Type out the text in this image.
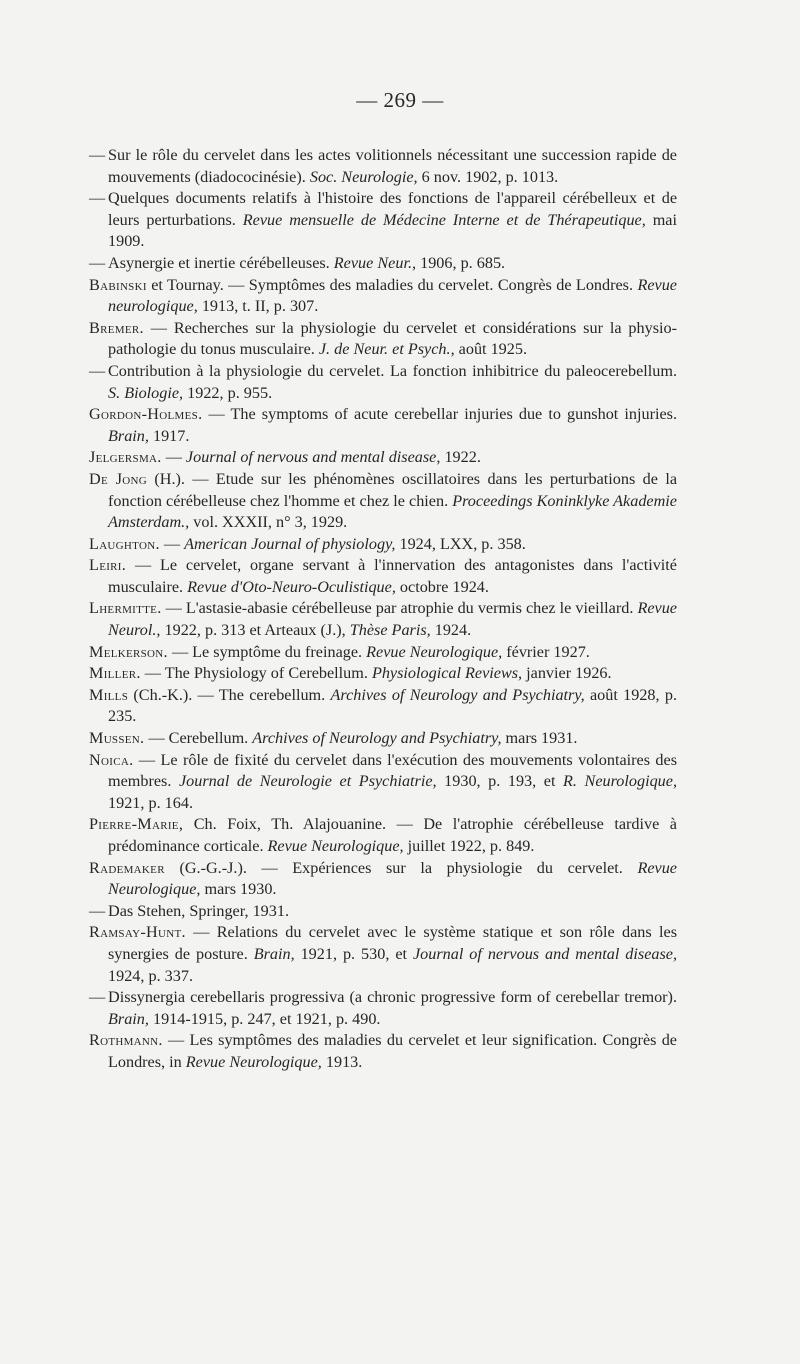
— 269 —
— Sur le rôle du cervelet dans les actes volitionnels nécessitant une succession rapide de mouvements (diadococinésie). Soc. Neurologie, 6 nov. 1902, p. 1013.
— Quelques documents relatifs à l'histoire des fonctions de l'appareil cérébelleux et de leurs perturbations. Revue mensuelle de Médecine Interne et de Thérapeutique, mai 1909.
— Asynergie et inertie cérébelleuses. Revue Neur., 1906, p. 685.
Babinski et Tournay. — Symptômes des maladies du cervelet. Congrès de Londres. Revue neurologique, 1913, t. II, p. 307.
Bremer. — Recherches sur la physiologie du cervelet et considérations sur la physio-pathologie du tonus musculaire. J. de Neur. et Psych., août 1925.
— Contribution à la physiologie du cervelet. La fonction inhibitrice du paleocerebellum. S. Biologie, 1922, p. 955.
Gordon-Holmes. — The symptoms of acute cerebellar injuries due to gunshot injuries. Brain, 1917.
Jelgersma. — Journal of nervous and mental disease, 1922.
De Jong (H.). — Etude sur les phénomènes oscillatoires dans les perturbations de la fonction cérébelleuse chez l'homme et chez le chien. Proceedings Koninklyke Akademie Amsterdam., vol. XXXII, n° 3, 1929.
Laughton. — American Journal of physiology, 1924, LXX, p. 358.
Leiri. — Le cervelet, organe servant à l'innervation des antagonistes dans l'activité musculaire. Revue d'Oto-Neuro-Oculistique, octobre 1924.
Lhermitte. — L'astasie-abasie cérébelleuse par atrophie du vermis chez le vieillard. Revue Neurol., 1922, p. 313 et Arteaux (J.), Thèse Paris, 1924.
Melkerson. — Le symptôme du freinage. Revue Neurologique, février 1927.
Miller. — The Physiology of Cerebellum. Physiological Reviews, janvier 1926.
Mills (Ch.-K.). — The cerebellum. Archives of Neurology and Psychiatry, août 1928, p. 235.
Mussen. — Cerebellum. Archives of Neurology and Psychiatry, mars 1931.
Noica. — Le rôle de fixité du cervelet dans l'exécution des mouvements volontaires des membres. Journal de Neurologie et Psychiatrie, 1930, p. 193, et R. Neurologique, 1921, p. 164.
Pierre-Marie, Ch. Foix, Th. Alajouanine. — De l'atrophie cérébelleuse tardive à prédominance corticale. Revue Neurologique, juillet 1922, p. 849.
Rademaker (G.-G.-J.). — Expériences sur la physiologie du cervelet. Revue Neurologique, mars 1930.
— Das Stehen, Springer, 1931.
Ramsay-Hunt. — Relations du cervelet avec le système statique et son rôle dans les synergies de posture. Brain, 1921, p. 530, et Journal of nervous and mental disease, 1924, p. 337.
— Dissynergia cerebellaris progressiva (a chronic progressive form of cerebellar tremor). Brain, 1914-1915, p. 247, et 1921, p. 490.
Rothmann. — Les symptômes des maladies du cervelet et leur signification. Congrès de Londres, in Revue Neurologique, 1913.
